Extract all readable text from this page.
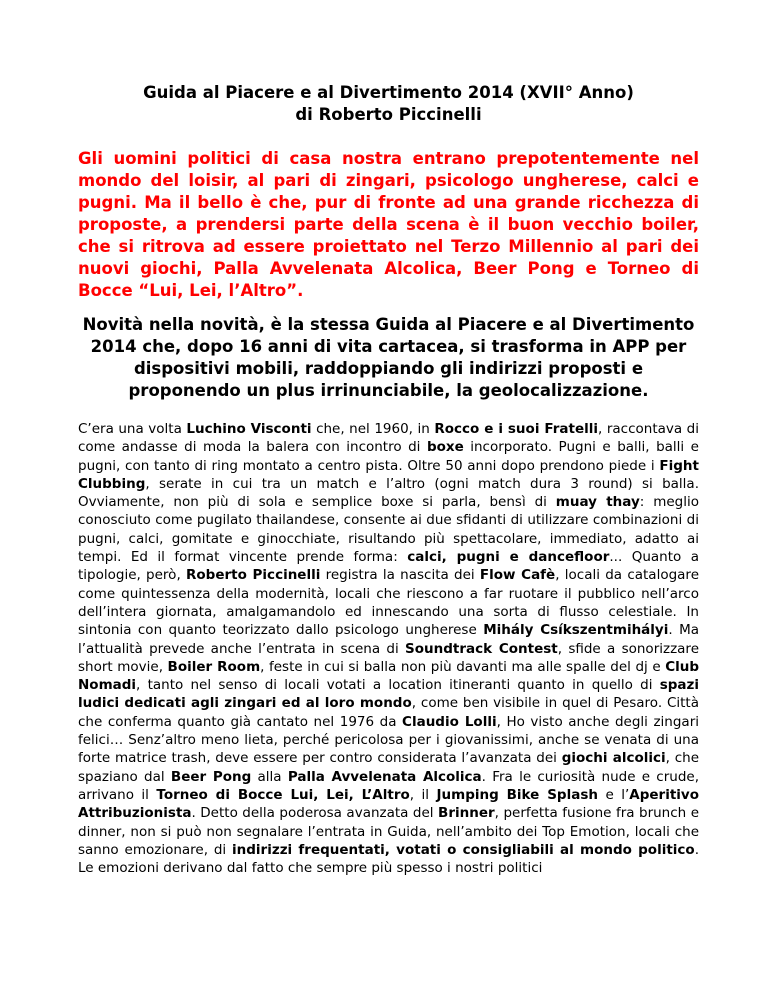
Guida al Piacere e al Divertimento 2014 (XVII° Anno)
di Roberto Piccinelli

Gli uomini politici di casa nostra entrano prepotentemente nel mondo del loisir, al pari di zingari, psicologo ungherese, calci e pugni. Ma il bello è che, pur di fronte ad una grande ricchezza di proposte, a prendersi parte della scena è il buon vecchio boiler, che si ritrova ad essere proiettato nel Terzo Millennio al pari dei nuovi giochi, Palla Avvelenata Alcolica, Beer Pong e Torneo di Bocce “Lui, Lei, l’Altro”.

Novità nella novità, è la stessa Guida al Piacere e al Divertimento 2014 che, dopo 16 anni di vita cartacea, si trasforma in APP per dispositivi mobili, raddoppiando gli indirizzi proposti e proponendo un plus irrinunciabile, la geolocalizzazione.

C’era una volta Luchino Visconti che, nel 1960, in Rocco e i suoi Fratelli, raccontava di come andasse di moda la balera con incontro di boxe incorporato. Pugni e balli, balli e pugni, con tanto di ring montato a centro pista. Oltre 50 anni dopo prendono piede i Fight Clubbing, serate in cui tra un match e l’altro (ogni match dura 3 round) si balla. Ovviamente, non più di sola e semplice boxe si parla, bensì di muay thay: meglio conosciuto come pugilato thailandese, consente ai due sfidanti di utilizzare combinazioni di pugni, calci, gomitate e ginocchiate, risultando più spettacolare, immediato, adatto ai tempi. Ed il format vincente prende forma: calci, pugni e dancefloor... Quanto a tipologie, però, Roberto Piccinelli registra la nascita dei Flow Cafè, locali da catalogare come quintessenza della modernità, locali che riescono a far ruotare il pubblico nell’arco dell’intera giornata, amalgamandolo ed innescando una sorta di flusso celestiale. In sintonia con quanto teorizzato dallo psicologo ungherese Mihály Csíkszentmihályi. Ma l’attualità prevede anche l’entrata in scena di Soundtrack Contest, sfide a sonorizzare short movie, Boiler Room, feste in cui si balla non più davanti ma alle spalle del dj e Club Nomadi, tanto nel senso di locali votati a location itineranti quanto in quello di spazi ludici dedicati agli zingari ed al loro mondo, come ben visibile in quel di Pesaro. Città che conferma quanto già cantato nel 1976 da Claudio Lolli, Ho visto anche degli zingari felici… Senz’altro meno lieta, perché pericolosa per i giovanissimi, anche se venata di una forte matrice trash, deve essere per contro considerata l’avanzata dei giochi alcolici, che spaziano dal Beer Pong alla Palla Avvelenata Alcolica. Fra le curiosità nude e crude, arrivano il Torneo di Bocce Lui, Lei, L’Altro, il Jumping Bike Splash e l’Aperitivo Attribuzionista. Detto della poderosa avanzata del Brinner, perfetta fusione fra brunch e dinner, non si può non segnalare l’entrata in Guida, nell’ambito dei Top Emotion, locali che sanno emozionare, di indirizzi frequentati, votati o consigliabili al mondo politico. Le emozioni derivano dal fatto che sempre più spesso i nostri politici
